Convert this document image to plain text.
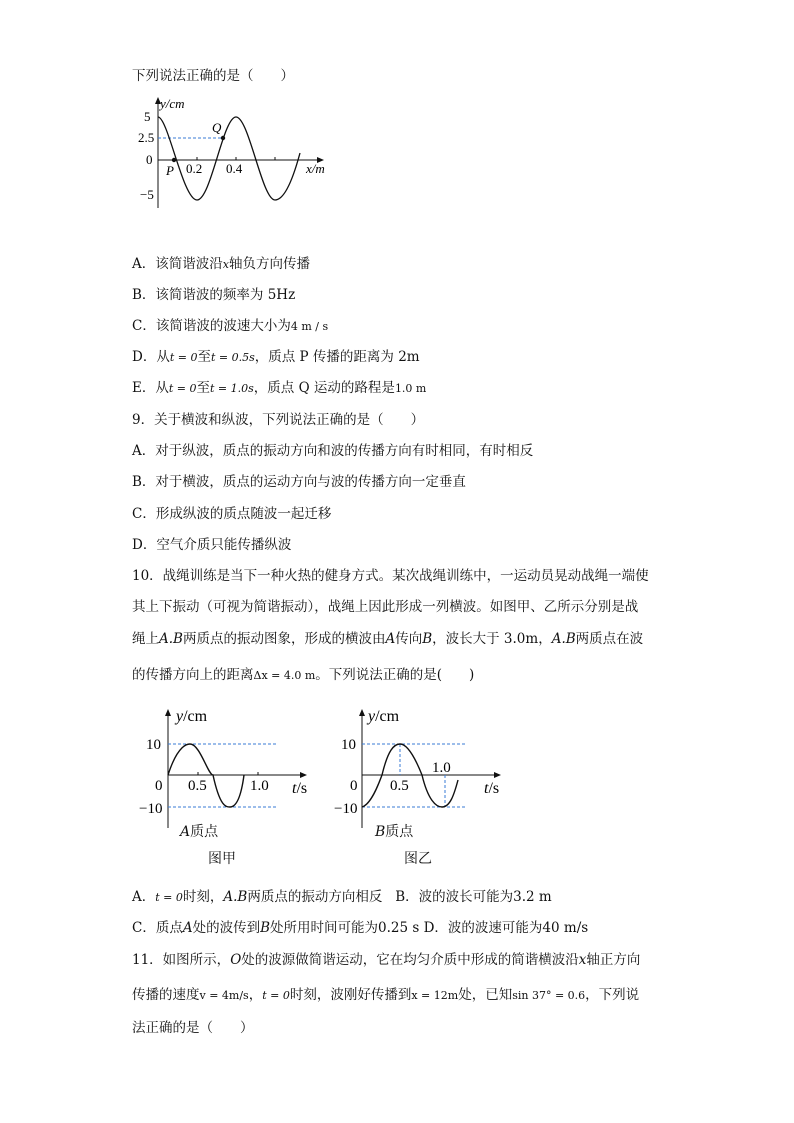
下列说法正确的是（　　）
y/cm
x/m
5
2.5
0
−5
0.2 0.4
P
Q
A．该简谐波沿x轴负方向传播
B．该简谐波的频率为 5Hz
C．该简谐波的波速大小为4 m / s
D．从t = 0至t = 0.5s，质点 P 传播的距离为 2m
E．从t = 0至t = 1.0s，质点 Q 运动的路程是1.0 m
9．关于横波和纵波，下列说法正确的是（　　）
A．对于纵波，质点的振动方向和波的传播方向有时相同，有时相反
B．对于横波，质点的运动方向与波的传播方向一定垂直
C．形成纵波的质点随波一起迁移
D．空气介质只能传播纵波
10．战绳训练是当下一种火热的健身方式。某次战绳训练中，一运动员晃动战绳一端使
其上下振动（可视为简谐振动），战绳上因此形成一列横波。如图甲、乙所示分别是战
绳上A.B两质点的振动图象，形成的横波由A传向B，波长大于 3.0m，A.B两质点在波
的传播方向上的距离Δx = 4.0 m。下列说法正确的是(　　)
y/cm
10
0 0.5	1.0
−10
t/s
A质点
图甲
y/cm
10
0 0.5
1.0
−10
t/s
B质点
图乙
A．t = 0时刻，A.B两质点的振动方向相反 B．波的波长可能为3.2 m
C．质点A处的波传到B处所用时间可能为0.25 s D．波的波速可能为40 m/s
11．如图所示，O处的波源做简谐运动，它在均匀介质中形成的简谐横波沿x轴正方向
传播的速度v = 4m/s，t = 0时刻，波刚好传播到x = 12m处，已知sin 37° = 0.6，下列说
法正确的是（　　）
